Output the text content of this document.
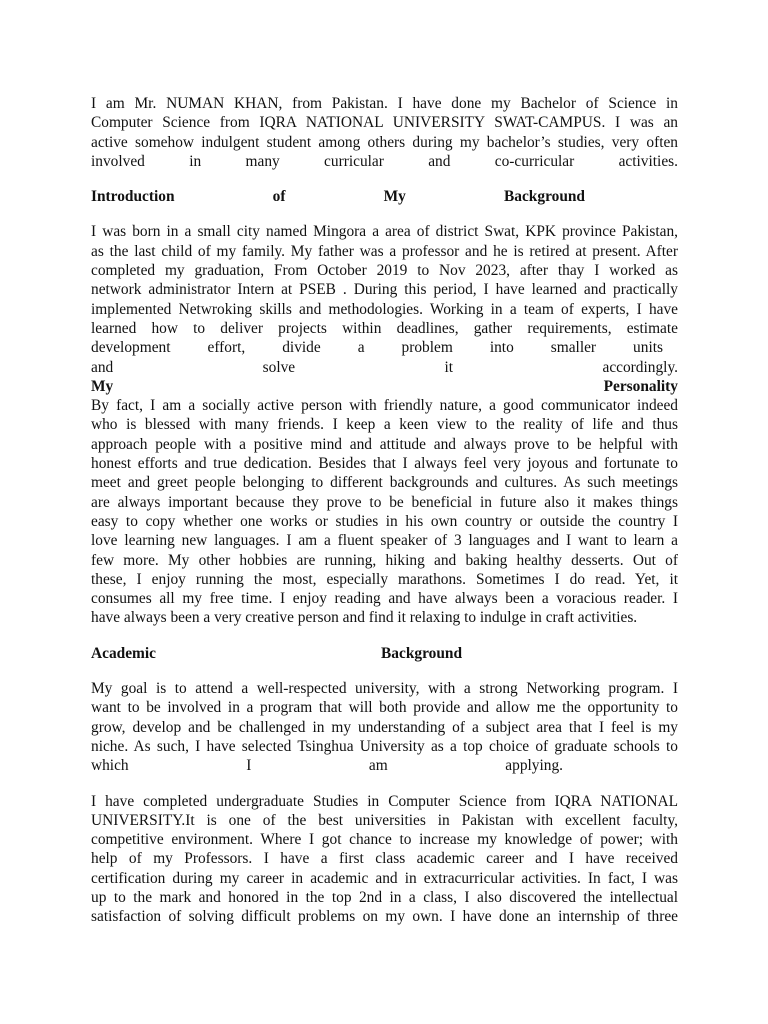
I am Mr. NUMAN KHAN, from Pakistan. I have done my Bachelor of Science in
Computer Science from IQRA NATIONAL UNIVERSITY SWAT-CAMPUS. I was an
active somehow indulgent student among others during my bachelor’s studies, very often
involved in many curricular and co-curricular activities.

Introduction of My Background

I was born in a small city named Mingora a area of district Swat, KPK province Pakistan,
as the last child of my family. My father was a professor and he is retired at present. After
completed my graduation, From October 2019 to Nov 2023, after thay I worked as
network administrator Intern at PSEB . During this period, I have learned and practically
implemented Netwroking skills and methodologies. Working in a team of experts, I have
learned how to deliver projects within deadlines, gather requirements, estimate
development effort, divide a problem into smaller units
and solve it accordingly.

My Personality

By fact, I am a socially active person with friendly nature, a good communicator indeed
who is blessed with many friends. I keep a keen view to the reality of life and thus
approach people with a positive mind and attitude and always prove to be helpful with
honest efforts and true dedication. Besides that I always feel very joyous and fortunate to
meet and greet people belonging to different backgrounds and cultures. As such meetings
are always important because they prove to be beneficial in future also it makes things
easy to copy whether one works or studies in his own country or outside the country I
love learning new languages. I am a fluent speaker of 3 languages and I want to learn a
few more. My other hobbies are running, hiking and baking healthy desserts. Out of
these, I enjoy running the most, especially marathons. Sometimes I do read. Yet, it
consumes all my free time. I enjoy reading and have always been a voracious reader. I
have always been a very creative person and find it relaxing to indulge in craft activities.

Academic Background

My goal is to attend a well-respected university, with a strong Networking program. I
want to be involved in a program that will both provide and allow me the opportunity to
grow, develop and be challenged in my understanding of a subject area that I feel is my
niche. As such, I have selected Tsinghua University as a top choice of graduate schools to
which I am applying.

I have completed undergraduate Studies in Computer Science from IQRA NATIONAL
UNIVERSITY.It is one of the best universities in Pakistan with excellent faculty,
competitive environment. Where I got chance to increase my knowledge of power; with
help of my Professors. I have a first class academic career and I have received
certification during my career in academic and in extracurricular activities. In fact, I was
up to the mark and honored in the top 2nd in a class, I also discovered the intellectual
satisfaction of solving difficult problems on my own. I have done an internship of three
